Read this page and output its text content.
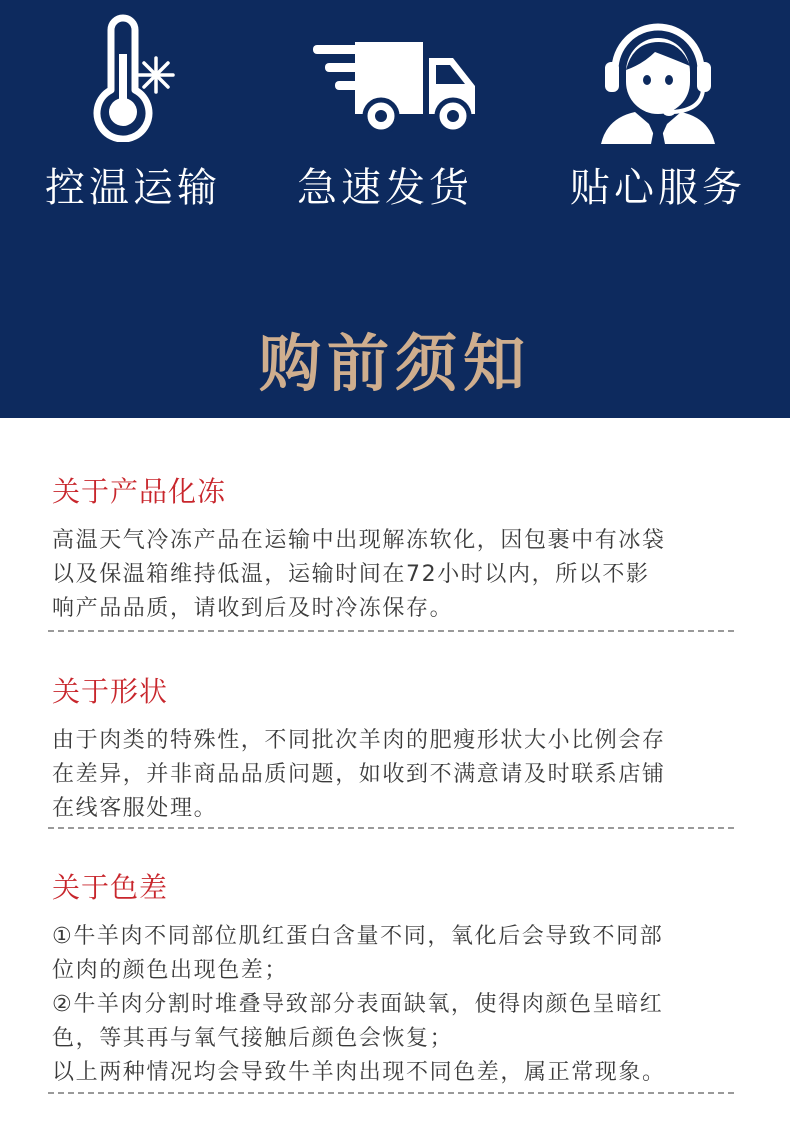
控温运输	急速发货	贴心服务
购前须知
关于产品化冻
高温天气冷冻产品在运输中出现解冻软化，因包裹中有冰袋
以及保温箱维持低温，运输时间在72小时以内，所以不影
响产品品质，请收到后及时冷冻保存。
关于形状
由于肉类的特殊性，不同批次羊肉的肥瘦形状大小比例会存
在差异，并非商品品质问题，如收到不满意请及时联系店铺
在线客服处理。
关于色差
①牛羊肉不同部位肌红蛋白含量不同，氧化后会导致不同部
位肉的颜色出现色差；
②牛羊肉分割时堆叠导致部分表面缺氧，使得肉颜色呈暗红
色，等其再与氧气接触后颜色会恢复；
以上两种情况均会导致牛羊肉出现不同色差，属正常现象。
